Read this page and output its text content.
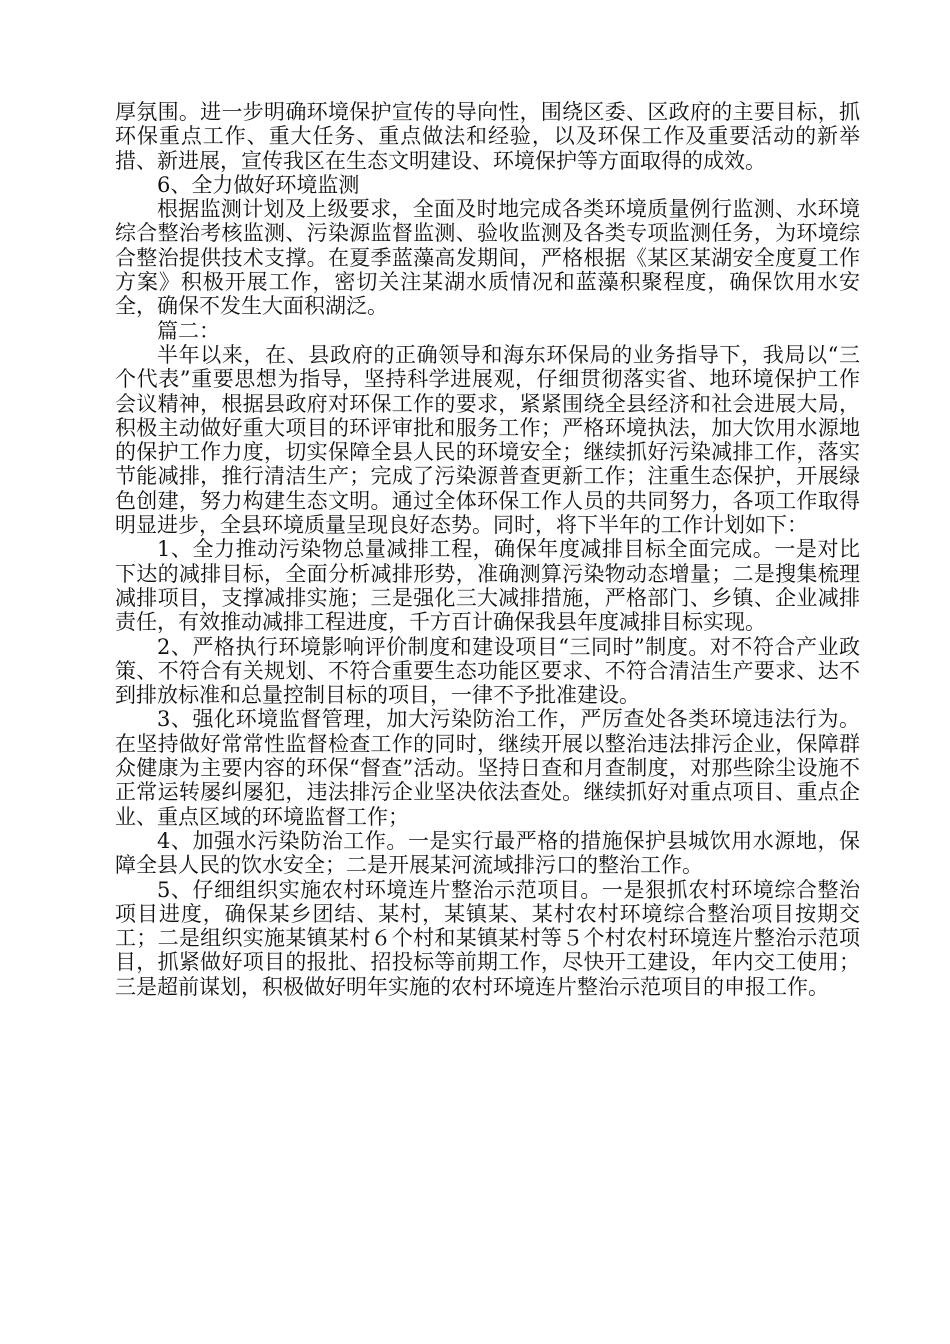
厚氛围。进一步明确环境保护宣传的导向性，围绕区委、区政府的主要目标，抓环保重点工作、重大任务、重点做法和经验，以及环保工作及重要活动的新举措、新进展，宣传我区在生态文明建设、环境保护等方面取得的成效。

6、全力做好环境监测

根据监测计划及上级要求，全面及时地完成各类环境质量例行监测、水环境综合整治考核监测、污染源监督监测、验收监测及各类专项监测任务，为环境综合整治提供技术支撑。在夏季蓝藻高发期间，严格根据《某区某湖安全度夏工作方案》积极开展工作，密切关注某湖水质情况和蓝藻积聚程度，确保饮用水安全，确保不发生大面积湖泛。

篇二：

半年以来，在、县政府的正确领导和海东环保局的业务指导下，我局以“三个代表”重要思想为指导，坚持科学进展观，仔细贯彻落实省、地环境保护工作会议精神，根据县政府对环保工作的要求，紧紧围绕全县经济和社会进展大局，积极主动做好重大项目的环评审批和服务工作；严格环境执法，加大饮用水源地的保护工作力度，切实保障全县人民的环境安全；继续抓好污染减排工作，落实节能减排，推行清洁生产；完成了污染源普查更新工作；注重生态保护，开展绿色创建，努力构建生态文明。通过全体环保工作人员的共同努力，各项工作取得明显进步，全县环境质量呈现良好态势。同时，将下半年的工作计划如下：

1、全力推动污染物总量减排工程，确保年度减排目标全面完成。一是对比下达的减排目标，全面分析减排形势，准确测算污染物动态增量；二是搜集梳理减排项目，支撑减排实施；三是强化三大减排措施，严格部门、乡镇、企业减排责任，有效推动减排工程进度，千方百计确保我县年度减排目标实现。

2、严格执行环境影响评价制度和建设项目“三同时”制度。对不符合产业政策、不符合有关规划、不符合重要生态功能区要求、不符合清洁生产要求、达不到排放标准和总量控制目标的项目，一律不予批准建设。

3、强化环境监督管理，加大污染防治工作，严厉查处各类环境违法行为。在坚持做好常常性监督检查工作的同时，继续开展以整治违法排污企业，保障群众健康为主要内容的环保“督查”活动。坚持日查和月查制度，对那些除尘设施不正常运转屡纠屡犯，违法排污企业坚决依法查处。继续抓好对重点项目、重点企业、重点区域的环境监督工作；

4、加强水污染防治工作。一是实行最严格的措施保护县城饮用水源地，保障全县人民的饮水安全；二是开展某河流域排污口的整治工作。

5、仔细组织实施农村环境连片整治示范项目。一是狠抓农村环境综合整治项目进度，确保某乡团结、某村，某镇某、某村农村环境综合整治项目按期交工；二是组织实施某镇某村６个村和某镇某村等５个村农村环境连片整治示范项目，抓紧做好项目的报批、招投标等前期工作，尽快开工建设，年内交工使用；三是超前谋划，积极做好明年实施的农村环境连片整治示范项目的申报工作。
